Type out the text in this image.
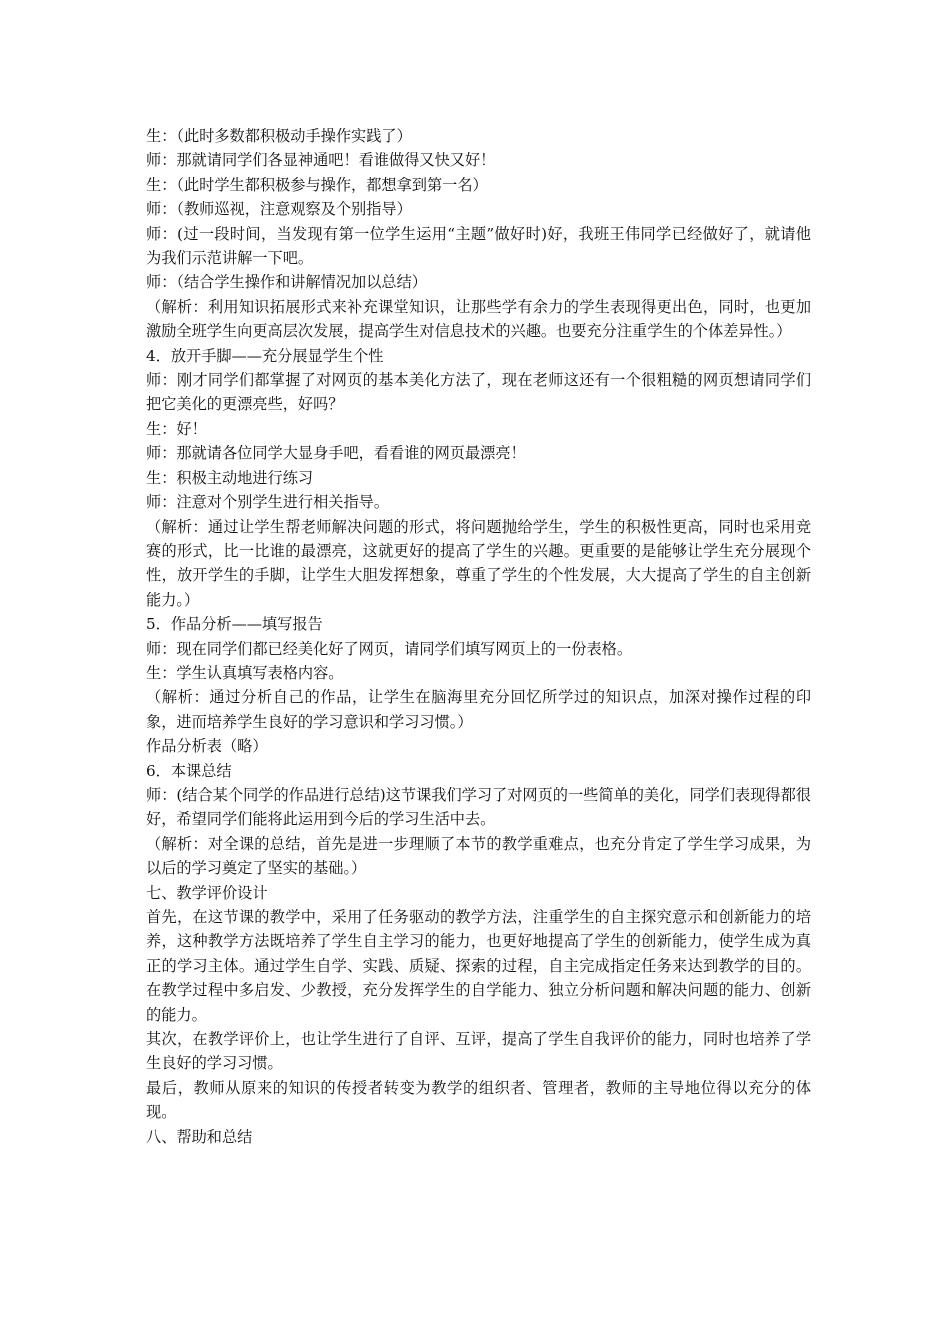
生：（此时多数都积极动手操作实践了）

师：那就请同学们各显神通吧！看谁做得又快又好！

生：（此时学生都积极参与操作，都想拿到第一名）

师：（教师巡视，注意观察及个别指导）

师：(过一段时间，当发现有第一位学生运用“主题”做好时)好，我班王伟同学已经做好了，就请他为我们示范讲解一下吧。

师：（结合学生操作和讲解情况加以总结）

（解析：利用知识拓展形式来补充课堂知识，让那些学有余力的学生表现得更出色，同时，也更加激励全班学生向更高层次发展，提高学生对信息技术的兴趣。也要充分注重学生的个体差异性。）

4．放开手脚——充分展显学生个性

师：刚才同学们都掌握了对网页的基本美化方法了，现在老师这还有一个很粗糙的网页想请同学们把它美化的更漂亮些，好吗？

生：好！

师：那就请各位同学大显身手吧，看看谁的网页最漂亮！

生：积极主动地进行练习

师：注意对个别学生进行相关指导。

（解析：通过让学生帮老师解决问题的形式，将问题抛给学生，学生的积极性更高，同时也采用竞赛的形式，比一比谁的最漂亮，这就更好的提高了学生的兴趣。更重要的是能够让学生充分展现个性，放开学生的手脚，让学生大胆发挥想象，尊重了学生的个性发展，大大提高了学生的自主创新能力。）

5．作品分析——填写报告

师：现在同学们都已经美化好了网页，请同学们填写网页上的一份表格。

生：学生认真填写表格内容。

（解析：通过分析自己的作品，让学生在脑海里充分回忆所学过的知识点，加深对操作过程的印象，进而培养学生良好的学习意识和学习习惯。）

作品分析表（略）

6．本课总结

师：(结合某个同学的作品进行总结)这节课我们学习了对网页的一些简单的美化，同学们表现得都很好，希望同学们能将此运用到今后的学习生活中去。

（解析：对全课的总结，首先是进一步理顺了本节的教学重难点，也充分肯定了学生学习成果，为以后的学习奠定了坚实的基础。）

七、教学评价设计

首先，在这节课的教学中，采用了任务驱动的教学方法，注重学生的自主探究意示和创新能力的培养，这种教学方法既培养了学生自主学习的能力，也更好地提高了学生的创新能力，使学生成为真正的学习主体。通过学生自学、实践、质疑、探索的过程，自主完成指定任务来达到教学的目的。在教学过程中多启发、少教授，充分发挥学生的自学能力、独立分析问题和解决问题的能力、创新的能力。

其次，在教学评价上，也让学生进行了自评、互评，提高了学生自我评价的能力，同时也培养了学生良好的学习习惯。

最后，教师从原来的知识的传授者转变为教学的组织者、管理者，教师的主导地位得以充分的体现。

八、帮助和总结
